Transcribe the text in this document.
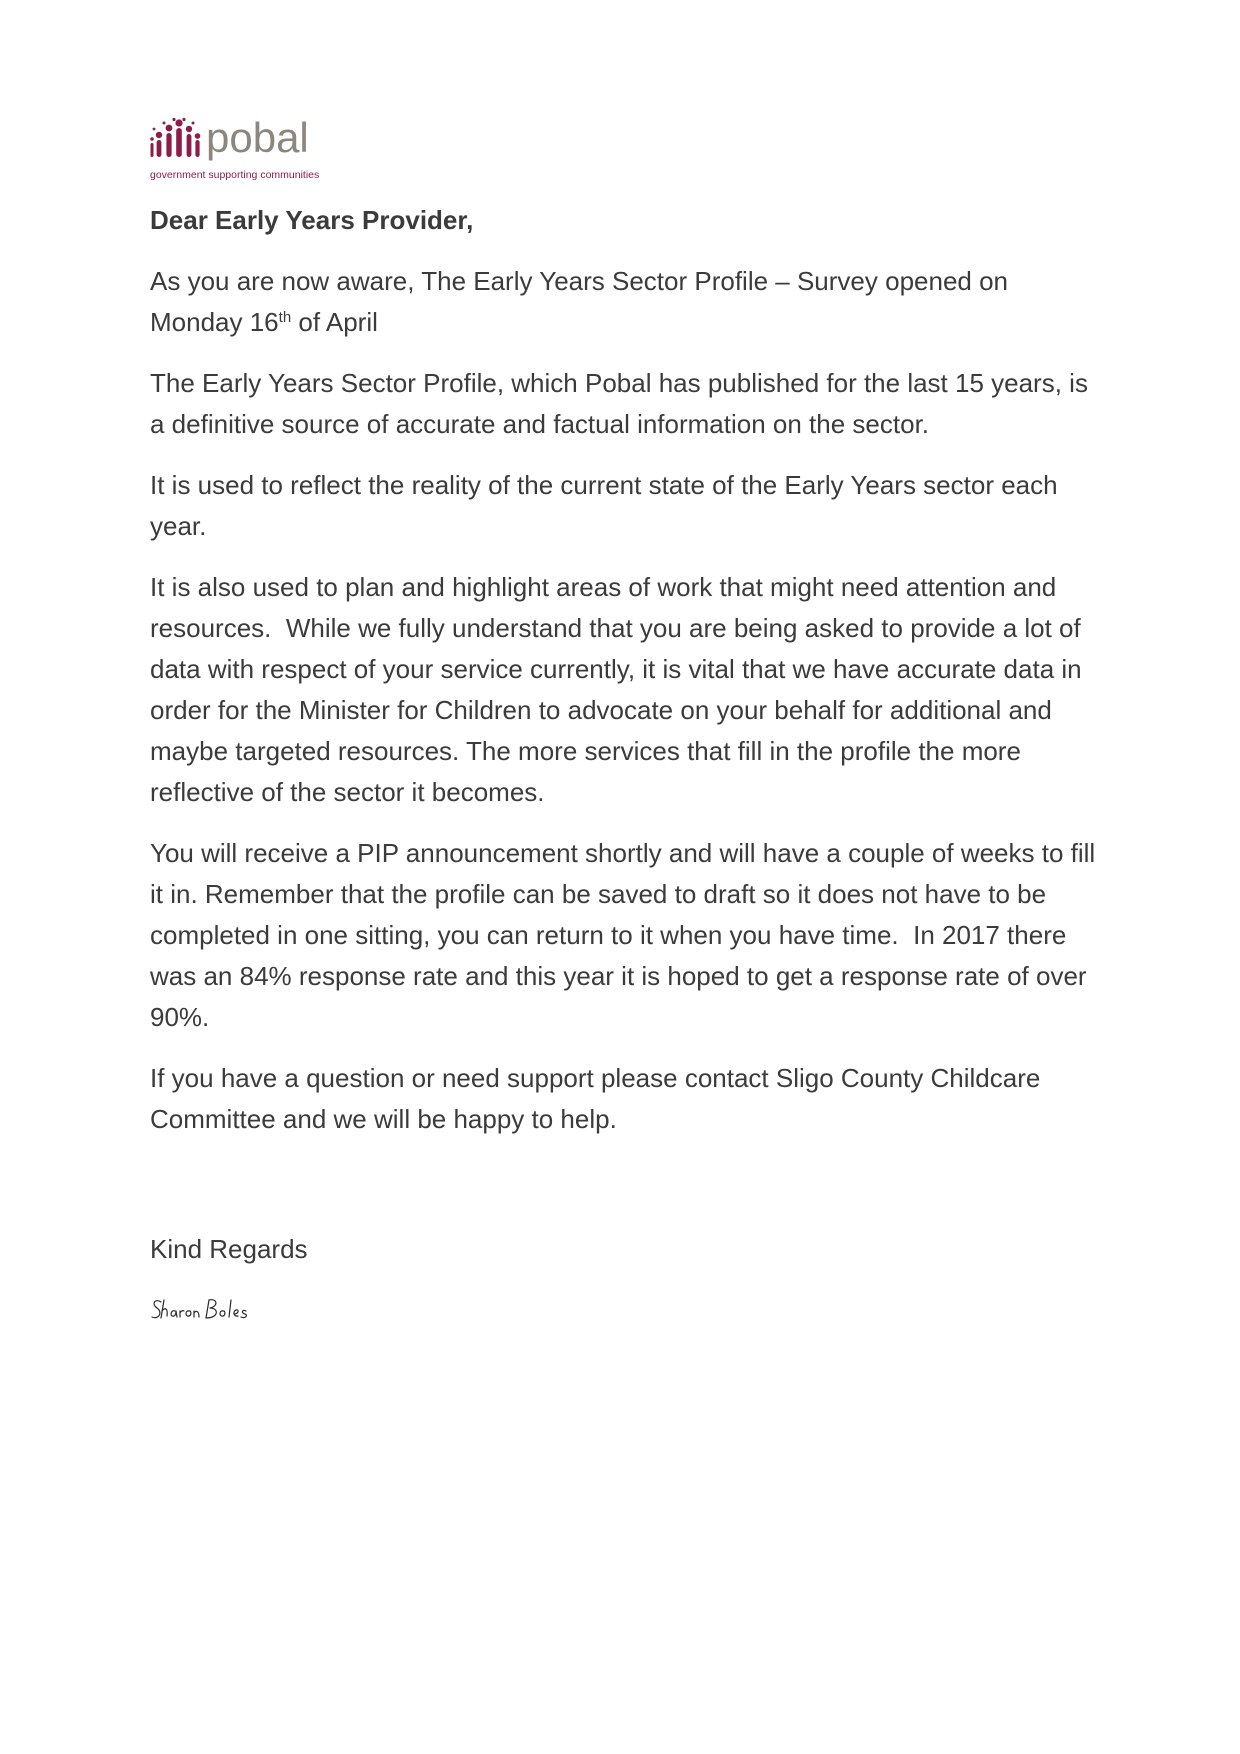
pobal
government supporting communities

Dear Early Years Provider,

As you are now aware, The Early Years Sector Profile – Survey opened on Monday 16th of April

The Early Years Sector Profile, which Pobal has published for the last 15 years, is a definitive source of accurate and factual information on the sector.

It is used to reflect the reality of the current state of the Early Years sector each year.

It is also used to plan and highlight areas of work that might need attention and resources.  While we fully understand that you are being asked to provide a lot of data with respect of your service currently, it is vital that we have accurate data in order for the Minister for Children to advocate on your behalf for additional and maybe targeted resources. The more services that fill in the profile the more reflective of the sector it becomes.

You will receive a PIP announcement shortly and will have a couple of weeks to fill it in. Remember that the profile can be saved to draft so it does not have to be completed in one sitting, you can return to it when you have time.  In 2017 there was an 84% response rate and this year it is hoped to get a response rate of over 90%.

If you have a question or need support please contact Sligo County Childcare Committee and we will be happy to help.

Kind Regards
